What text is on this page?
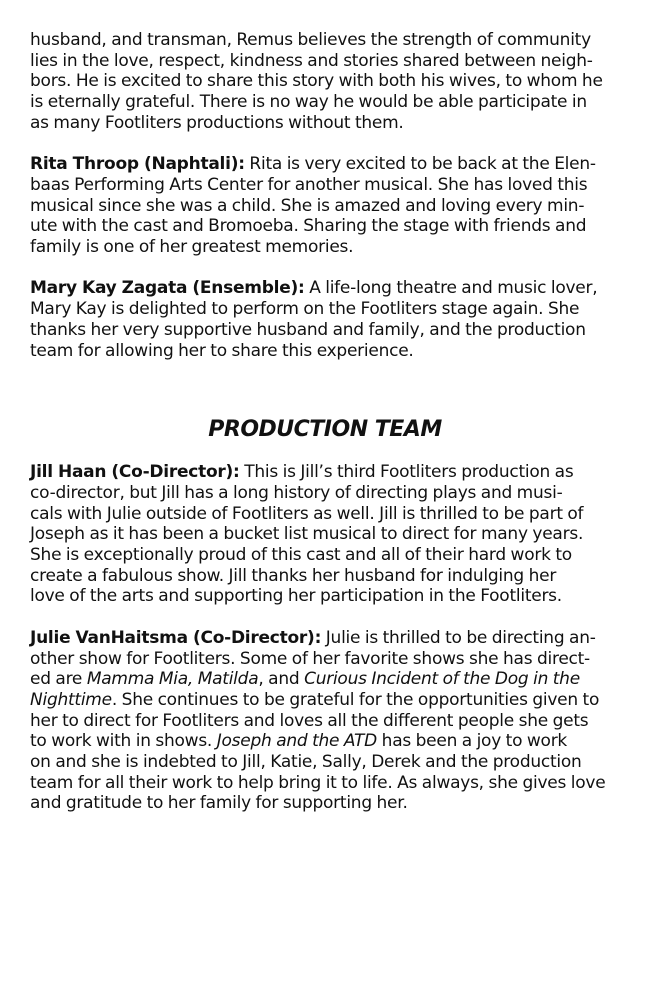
husband, and transman, Remus believes the strength of community
lies in the love, respect, kindness and stories shared between neigh-
bors. He is excited to share this story with both his wives, to whom he
is eternally grateful. There is no way he would be able participate in
as many Footliters productions without them.

Rita Throop (Naphtali): Rita is very excited to be back at the Elen-
baas Performing Arts Center for another musical. She has loved this
musical since she was a child. She is amazed and loving every min-
ute with the cast and Bromoeba. Sharing the stage with friends and
family is one of her greatest memories.

Mary Kay Zagata (Ensemble): A life-long theatre and music lover,
Mary Kay is delighted to perform on the Footliters stage again. She
thanks her very supportive husband and family, and the production
team for allowing her to share this experience.

PRODUCTION TEAM

Jill Haan (Co-Director): This is Jill’s third Footliters production as
co-director, but Jill has a long history of directing plays and musi-
cals with Julie outside of Footliters as well. Jill is thrilled to be part of
Joseph as it has been a bucket list musical to direct for many years.
She is exceptionally proud of this cast and all of their hard work to
create a fabulous show. Jill thanks her husband for indulging her
love of the arts and supporting her participation in the Footliters.

Julie VanHaitsma (Co-Director): Julie is thrilled to be directing an-
other show for Footliters. Some of her favorite shows she has direct-
ed are Mamma Mia, Matilda, and Curious Incident of the Dog in the
Nighttime. She continues to be grateful for the opportunities given to
her to direct for Footliters and loves all the different people she gets
to work with in shows. Joseph and the ATD has been a joy to work
on and she is indebted to Jill, Katie, Sally, Derek and the production
team for all their work to help bring it to life. As always, she gives love
and gratitude to her family for supporting her.
